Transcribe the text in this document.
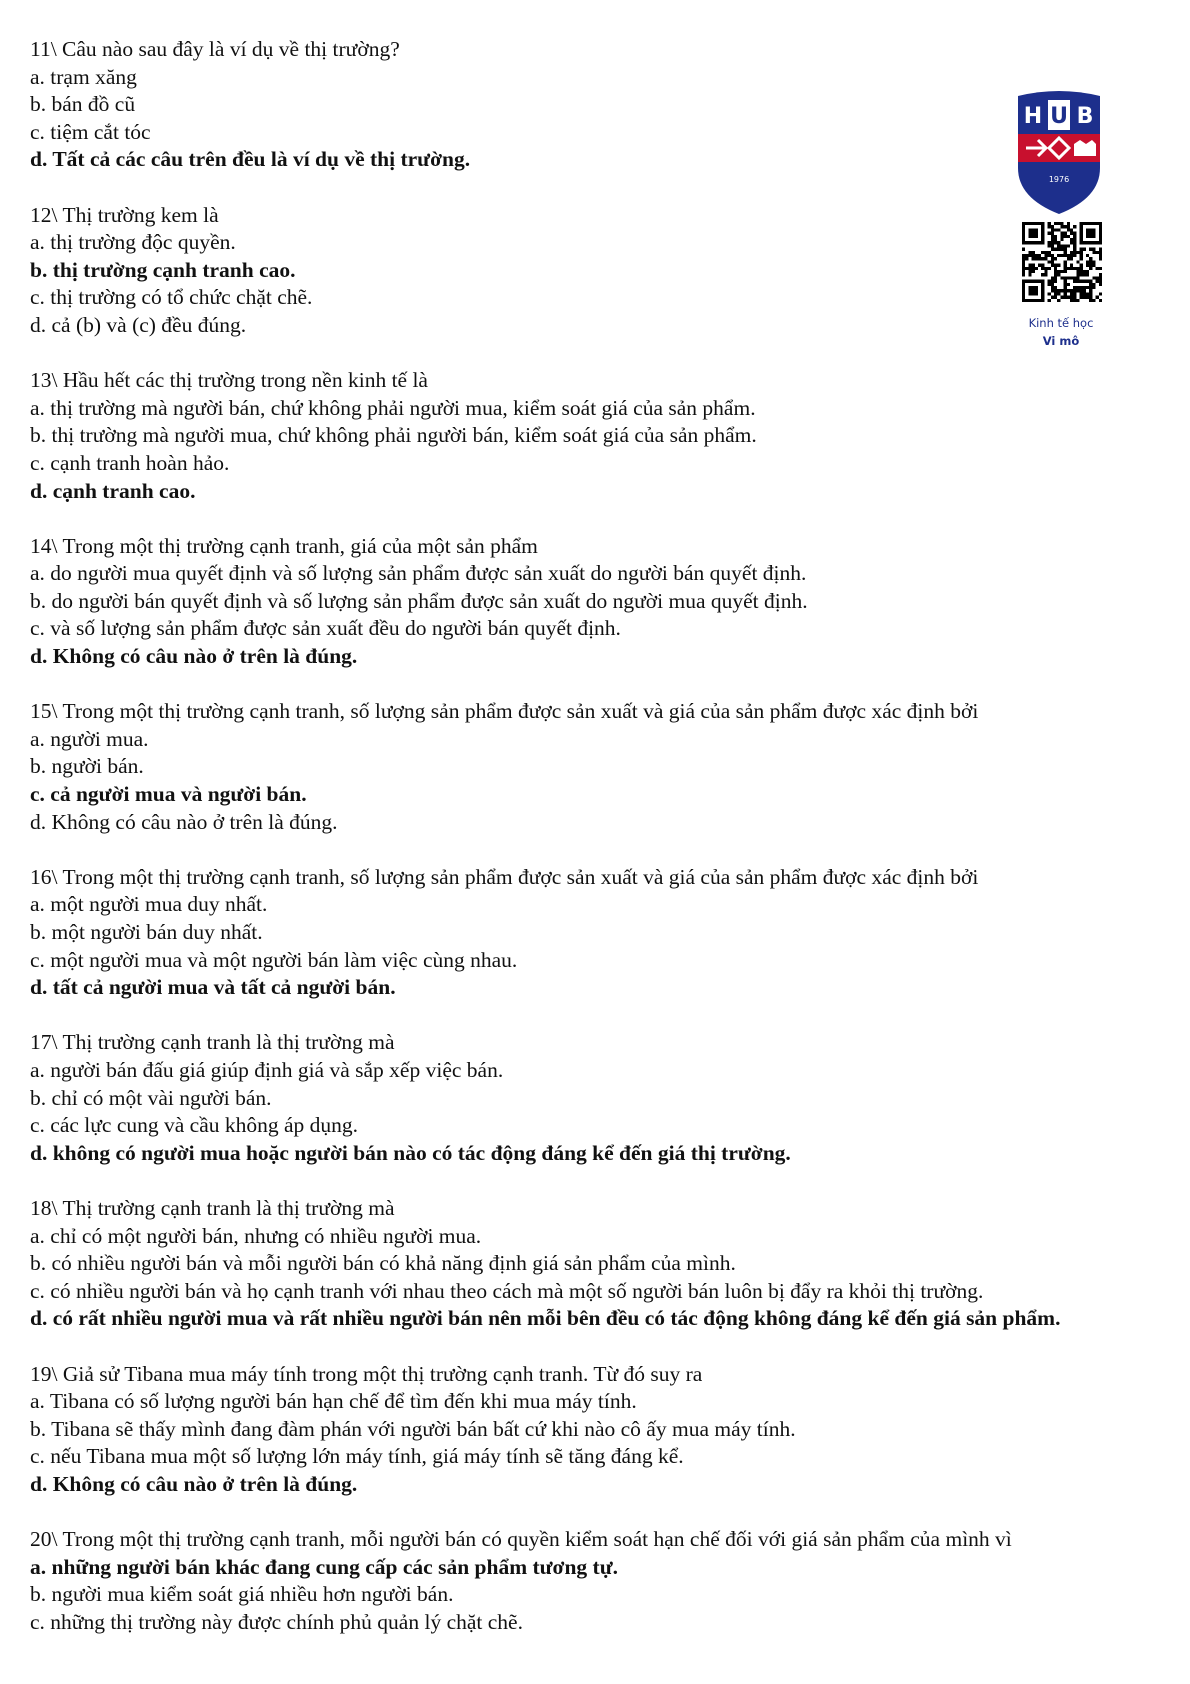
11\ Câu nào sau đây là ví dụ về thị trường?
a. trạm xăng
b. bán đồ cũ
c. tiệm cắt tóc
d. Tất cả các câu trên đều là ví dụ về thị trường.
12\ Thị trường kem là
a. thị trường độc quyền.
b. thị trường cạnh tranh cao.
c. thị trường có tổ chức chặt chẽ.
d. cả (b) và (c) đều đúng.
13\ Hầu hết các thị trường trong nền kinh tế là
a. thị trường mà người bán, chứ không phải người mua, kiểm soát giá của sản phẩm.
b. thị trường mà người mua, chứ không phải người bán, kiểm soát giá của sản phẩm.
c. cạnh tranh hoàn hảo.
d. cạnh tranh cao.
14\ Trong một thị trường cạnh tranh, giá của một sản phẩm
a. do người mua quyết định và số lượng sản phẩm được sản xuất do người bán quyết định.
b. do người bán quyết định và số lượng sản phẩm được sản xuất do người mua quyết định.
c. và số lượng sản phẩm được sản xuất đều do người bán quyết định.
d. Không có câu nào ở trên là đúng.
15\ Trong một thị trường cạnh tranh, số lượng sản phẩm được sản xuất và giá của sản phẩm được xác định bởi
a. người mua.
b. người bán.
c. cả người mua và người bán.
d. Không có câu nào ở trên là đúng.
16\ Trong một thị trường cạnh tranh, số lượng sản phẩm được sản xuất và giá của sản phẩm được xác định bởi
a. một người mua duy nhất.
b. một người bán duy nhất.
c. một người mua và một người bán làm việc cùng nhau.
d. tất cả người mua và tất cả người bán.
17\ Thị trường cạnh tranh là thị trường mà
a. người bán đấu giá giúp định giá và sắp xếp việc bán.
b. chỉ có một vài người bán.
c. các lực cung và cầu không áp dụng.
d. không có người mua hoặc người bán nào có tác động đáng kể đến giá thị trường.
18\ Thị trường cạnh tranh là thị trường mà
a. chỉ có một người bán, nhưng có nhiều người mua.
b. có nhiều người bán và mỗi người bán có khả năng định giá sản phẩm của mình.
c. có nhiều người bán và họ cạnh tranh với nhau theo cách mà một số người bán luôn bị đẩy ra khỏi thị trường.
d. có rất nhiều người mua và rất nhiều người bán nên mỗi bên đều có tác động không đáng kể đến giá sản phẩm.
19\ Giả sử Tibana mua máy tính trong một thị trường cạnh tranh. Từ đó suy ra
a. Tibana có số lượng người bán hạn chế để tìm đến khi mua máy tính.
b. Tibana sẽ thấy mình đang đàm phán với người bán bất cứ khi nào cô ấy mua máy tính.
c. nếu Tibana mua một số lượng lớn máy tính, giá máy tính sẽ tăng đáng kể.
d. Không có câu nào ở trên là đúng.
20\ Trong một thị trường cạnh tranh, mỗi người bán có quyền kiểm soát hạn chế đối với giá sản phẩm của mình vì
a. những người bán khác đang cung cấp các sản phẩm tương tự.
b. người mua kiểm soát giá nhiều hơn người bán.
c. những thị trường này được chính phủ quản lý chặt chẽ.
H U B
1976
Kinh tế học
Vi mô
